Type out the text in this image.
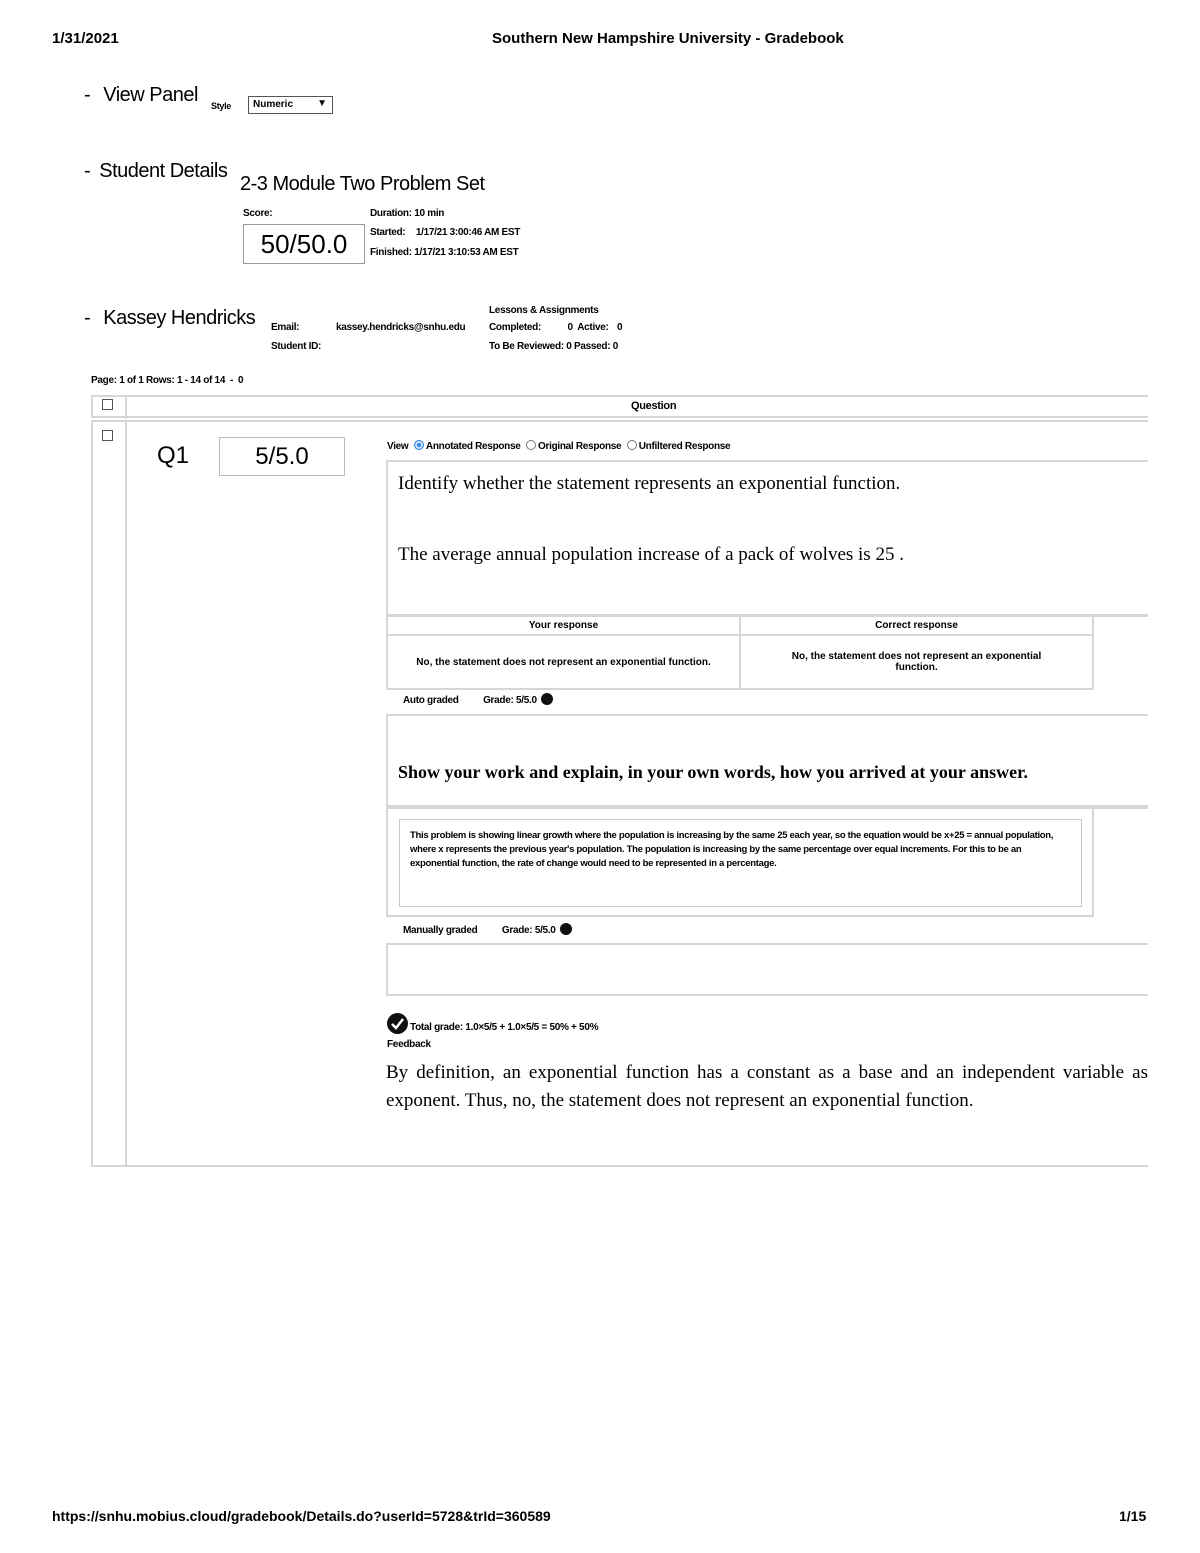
1/31/2021	Southern New Hampshire University - Gradebook
- View Panel Style	Numeric ▼
- Student Details
2-3 Module Two Problem Set
Score:
50/50.0
Duration: 10 min
Started: 1/17/21 3:00:46 AM EST
Finished: 1/17/21 3:10:53 AM EST
- Kassey Hendricks	Lessons & Assignments
Email:	kassey.hendricks@snhu.edu	Completed:	0 Active: 0
Student ID:	To Be Reviewed: 0 Passed: 0
Page: 1 of 1 Rows: 1 - 14 of 14  -  0
Question
Q1	5/5.0	View Annotated Response Original Response Unfiltered Response
Identify whether the statement represents an exponential function.
The average annual population increase of a pack of wolves is 25 .
Your response	Correct response
No, the statement does not represent an exponential function.	No, the statement does not represent an exponential function.
Auto graded Grade: 5/5.0
Show your work and explain, in your own words, how you arrived at your answer.
This problem is showing linear growth where the population is increasing by the same 25 each year, so the equation would be x+25 = annual population, where x represents the previous year's population. The population is increasing by the same percentage over equal increments. For this to be an exponential function, the rate of change would need to be represented in a percentage.
Manually graded Grade: 5/5.0
Total grade: 1.0×5/5 + 1.0×5/5 = 50% + 50%
Feedback
By definition, an exponential function has a constant as a base and an independent variable as exponent. Thus, no, the statement does not represent an exponential function.
https://snhu.mobius.cloud/gradebook/Details.do?userId=5728&trId=360589	1/15
